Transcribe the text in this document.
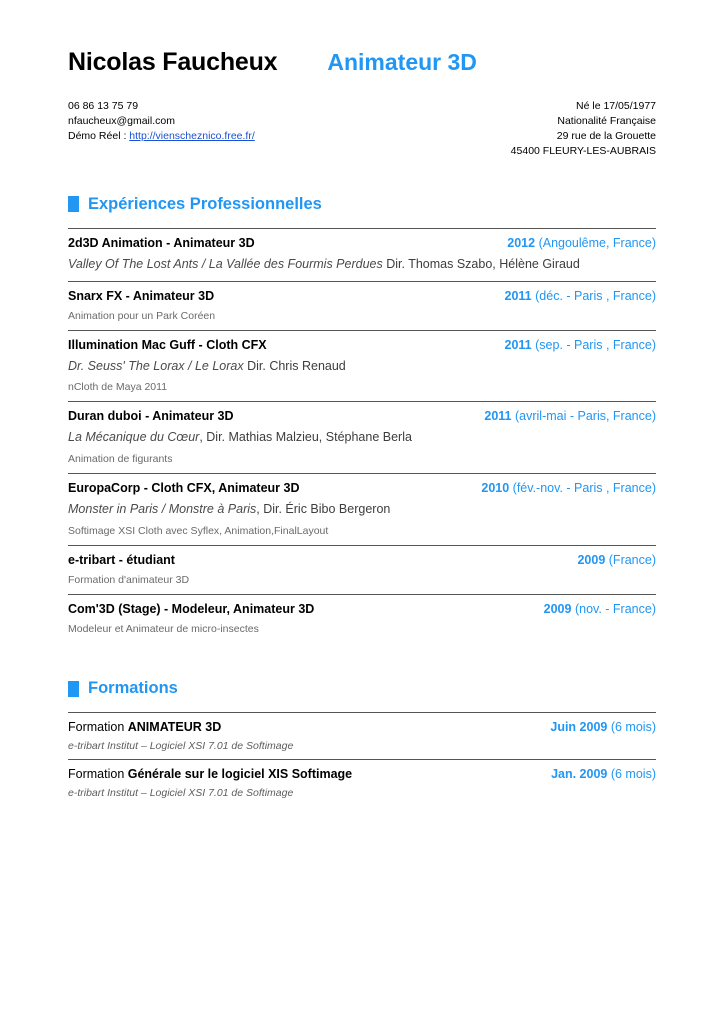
Nicolas Faucheux Animateur 3D
06 86 13 75 79
nfaucheux@gmail.com
Démo Réel : http://vienscheznico.free.fr/
Né le 17/05/1977
Nationalité Française
29 rue de la Grouette
45400 FLEURY-LES-AUBRAIS
Expériences Professionnelles
2d3D Animation - Animateur 3D	2012 (Angoulême, France)
Valley Of The Lost Ants / La Vallée des Fourmis Perdues Dir. Thomas Szabo, Hélène Giraud
Snarx FX - Animateur 3D	2011 (déc. - Paris , France)
Animation pour un Park Coréen
Illumination Mac Guff - Cloth CFX	2011 (sep. - Paris , France)
Dr. Seuss' The Lorax / Le Lorax Dir. Chris Renaud
nCloth de Maya 2011
Duran duboi - Animateur 3D	2011 (avril-mai - Paris, France)
La Mécanique du Cœur, Dir. Mathias Malzieu, Stéphane Berla
Animation de figurants
EuropaCorp - Cloth CFX, Animateur 3D	2010 (fév.-nov. - Paris , France)
Monster in Paris / Monstre à Paris, Dir. Éric Bibo Bergeron
Softimage XSI Cloth avec Syflex, Animation,FinalLayout
e-tribart - étudiant	2009 (France)
Formation d'animateur 3D
Com'3D (Stage) - Modeleur, Animateur 3D	2009 (nov. - France)
Modeleur et Animateur de micro-insectes
Formations
Formation ANIMATEUR 3D	Juin 2009 (6 mois)
e-tribart Institut – Logiciel XSI 7.01 de Softimage
Formation Générale sur le logiciel XIS Softimage	Jan. 2009 (6 mois)
e-tribart Institut – Logiciel XSI 7.01 de Softimage
